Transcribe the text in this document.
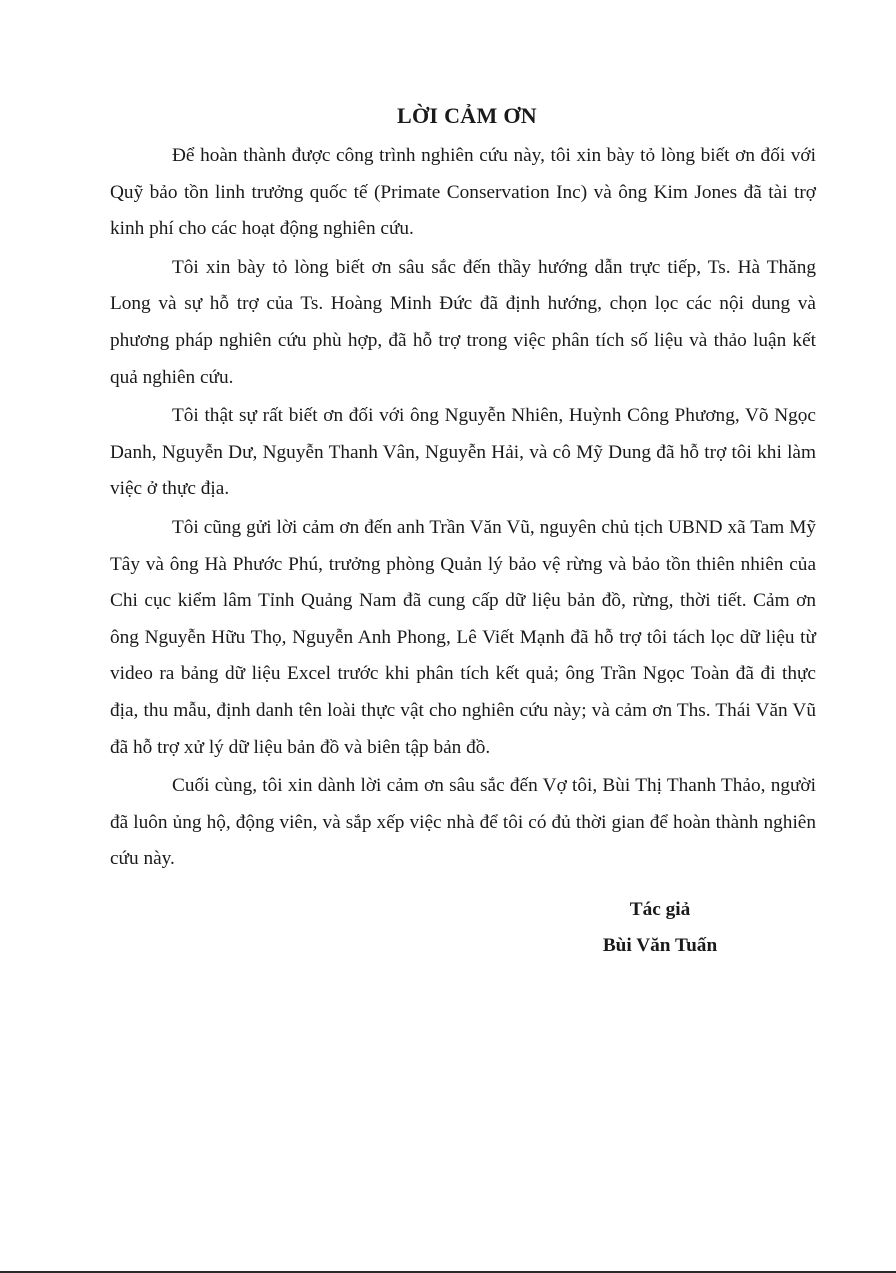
LỜI CẢM ƠN

Để hoàn thành được công trình nghiên cứu này, tôi xin bày tỏ lòng biết ơn đối với Quỹ bảo tồn linh trưởng quốc tế (Primate Conservation Inc) và ông Kim Jones đã tài trợ kinh phí cho các hoạt động nghiên cứu.

Tôi xin bày tỏ lòng biết ơn sâu sắc đến thầy hướng dẫn trực tiếp, Ts. Hà Thăng Long và sự hỗ trợ của Ts. Hoàng Minh Đức đã định hướng, chọn lọc các nội dung và phương pháp nghiên cứu phù hợp, đã hỗ trợ trong việc phân tích số liệu và thảo luận kết quả nghiên cứu.

Tôi thật sự rất biết ơn đối với ông Nguyễn Nhiên, Huỳnh Công Phương, Võ Ngọc Danh, Nguyễn Dư, Nguyễn Thanh Vân, Nguyễn Hải, và cô Mỹ Dung đã hỗ trợ tôi khi làm việc ở thực địa.

Tôi cũng gửi lời cảm ơn đến anh Trần Văn Vũ, nguyên chủ tịch UBND xã Tam Mỹ Tây và ông Hà Phước Phú, trưởng phòng Quản lý bảo vệ rừng và bảo tồn thiên nhiên của Chi cục kiểm lâm Tỉnh Quảng Nam đã cung cấp dữ liệu bản đồ, rừng, thời tiết. Cảm ơn ông Nguyễn Hữu Thọ, Nguyễn Anh Phong, Lê Viết Mạnh đã hỗ trợ tôi tách lọc dữ liệu từ video ra bảng dữ liệu Excel trước khi phân tích kết quả; ông Trần Ngọc Toàn đã đi thực địa, thu mẫu, định danh tên loài thực vật cho nghiên cứu này; và cảm ơn Ths. Thái Văn Vũ đã hỗ trợ xử lý dữ liệu bản đồ và biên tập bản đồ.

Cuối cùng, tôi xin dành lời cảm ơn sâu sắc đến Vợ tôi, Bùi Thị Thanh Thảo, người đã luôn ủng hộ, động viên, và sắp xếp việc nhà để tôi có đủ thời gian để hoàn thành nghiên cứu này.

Tác giả
Bùi Văn Tuấn
